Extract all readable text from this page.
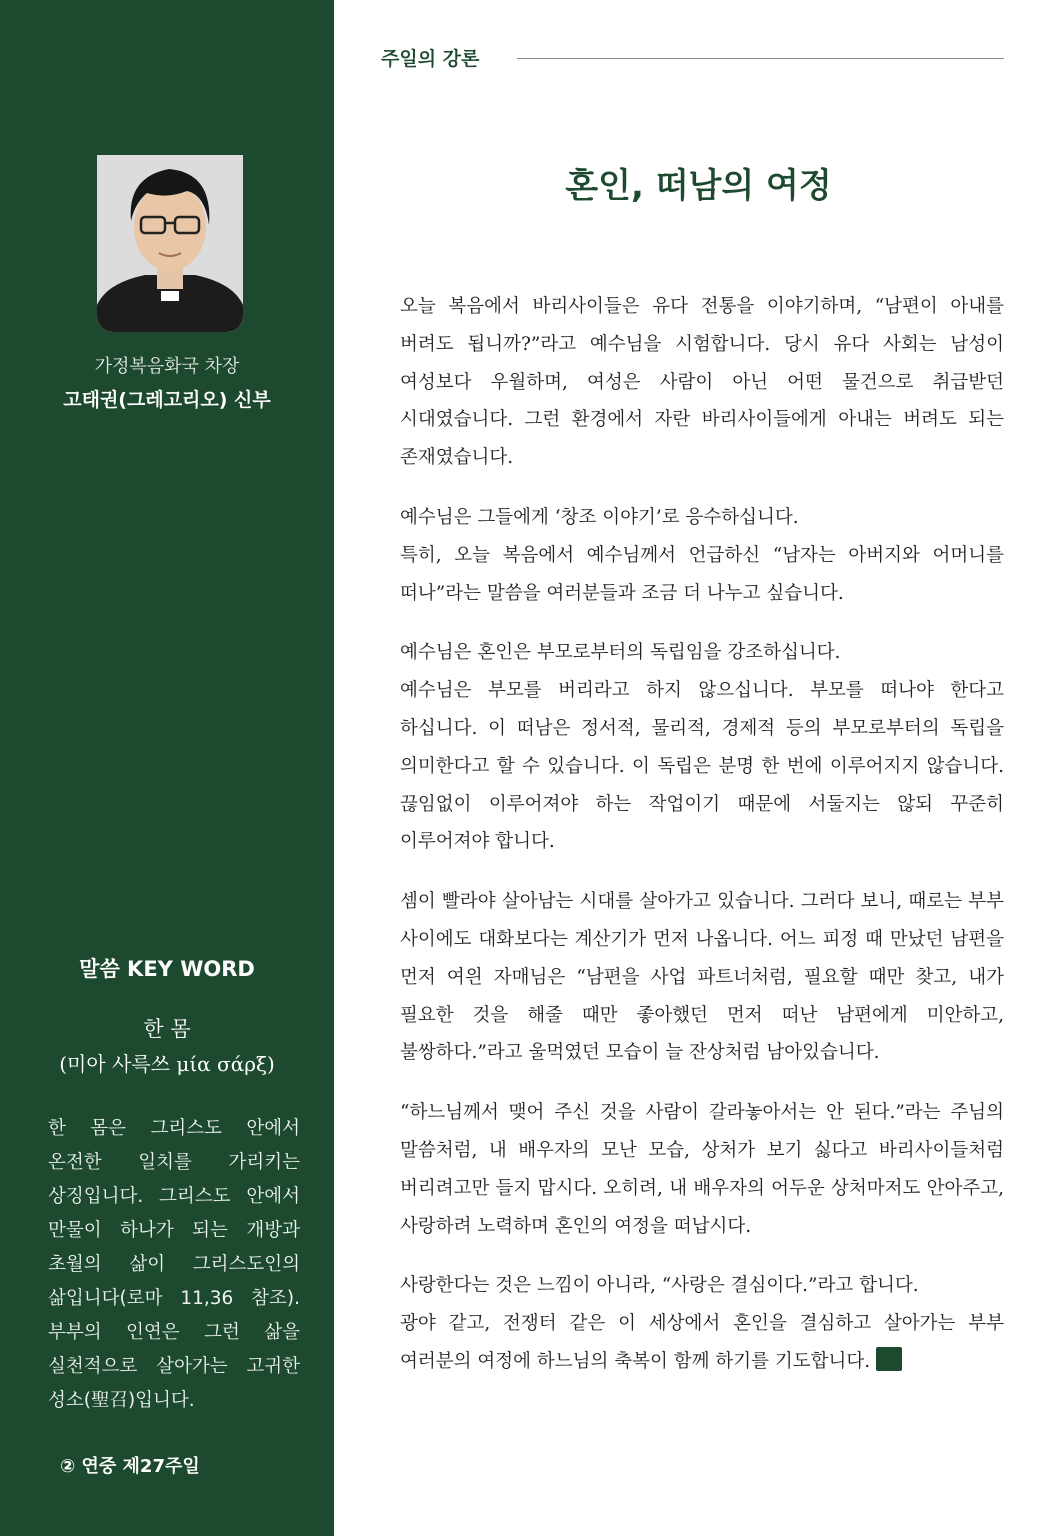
가정복음화국 차장
고태권(그레고리오) 신부
말씀 KEY WORD
한 몸
(미아 사륵쓰 μία σάρξ)
한 몸은 그리스도 안에서 온전한 일치를 가리키는 상징입니다. 그리스도 안에서 만물이 하나가 되는 개방과 초월의 삶이 그리스도인의 삶입니다(로마 11,36 참조). 부부의 인연은 그런 삶을 실천적으로 살아가는 고귀한 성소(聖召)입니다.
② 연중 제27주일
주일의 강론
혼인, 떠남의 여정

오늘 복음에서 바리사이들은 유다 전통을 이야기하며, “남편이 아내를 버려도 됩니까?”라고 예수님을 시험합니다. 당시 유다 사회는 남성이 여성보다 우월하며, 여성은 사람이 아닌 어떤 물건으로 취급받던 시대였습니다. 그런 환경에서 자란 바리사이들에게 아내는 버려도 되는 존재였습니다.

예수님은 그들에게 ‘창조 이야기’로 응수하십니다.
특히, 오늘 복음에서 예수님께서 언급하신 “남자는 아버지와 어머니를 떠나”라는 말씀을 여러분들과 조금 더 나누고 싶습니다.

예수님은 혼인은 부모로부터의 독립임을 강조하십니다.
예수님은 부모를 버리라고 하지 않으십니다. 부모를 떠나야 한다고 하십니다. 이 떠남은 정서적, 물리적, 경제적 등의 부모로부터의 독립을 의미한다고 할 수 있습니다. 이 독립은 분명 한 번에 이루어지지 않습니다. 끊임없이 이루어져야 하는 작업이기 때문에 서둘지는 않되 꾸준히 이루어져야 합니다.

셈이 빨라야 살아남는 시대를 살아가고 있습니다. 그러다 보니, 때로는 부부 사이에도 대화보다는 계산기가 먼저 나옵니다. 어느 피정 때 만났던 남편을 먼저 여읜 자매님은 “남편을 사업 파트너처럼, 필요할 때만 찾고, 내가 필요한 것을 해줄 때만 좋아했던 먼저 떠난 남편에게 미안하고, 불쌍하다.”라고 울먹였던 모습이 늘 잔상처럼 남아있습니다.

“하느님께서 맺어 주신 것을 사람이 갈라놓아서는 안 된다.”라는 주님의 말씀처럼, 내 배우자의 모난 모습, 상처가 보기 싫다고 바리사이들처럼 버리려고만 들지 맙시다. 오히려, 내 배우자의 어두운 상처마저도 안아주고, 사랑하려 노력하며 혼인의 여정을 떠납시다.

사랑한다는 것은 느낌이 아니라, “사랑은 결심이다.”라고 합니다.
광야 같고, 전쟁터 같은 이 세상에서 혼인을 결심하고 살아가는 부부 여러분의 여정에 하느님의 축복이 함께 하기를 기도합니다.
